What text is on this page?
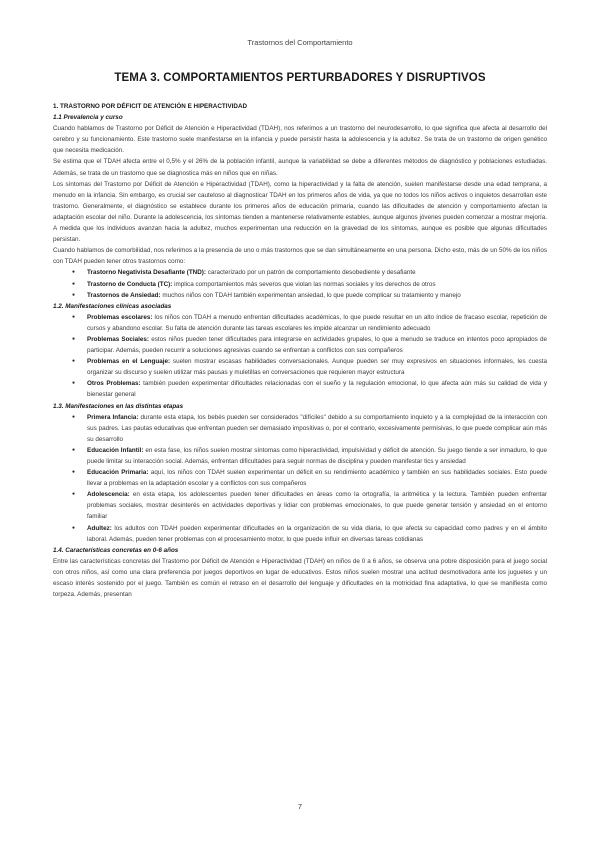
Trastornos del Comportamiento
TEMA 3. COMPORTAMIENTOS PERTURBADORES Y DISRUPTIVOS

1. TRASTORNO POR DÉFICIT DE ATENCIÓN E HIPERACTIVIDAD

1.1 Prevalencia y curso

Cuando hablamos de Trastorno por Déficit de Atención e Hiperactividad (TDAH), nos referimos a un trastorno del neurodesarrollo, lo que significa que afecta al desarrollo del cerebro y su funcionamiento. Este trastorno suele manifestarse en la infancia y puede persistir hasta la adolescencia y la adultez. Se trata de un trastorno de origen genético que necesita medicación.

Se estima que el TDAH afecta entre el 0,5% y el 26% de la población infantil, aunque la variabilidad se debe a diferentes métodos de diagnóstico y poblaciones estudiadas. Además, se trata de un trastorno que se diagnostica más en niños que en niñas.

Los síntomas del Trastorno por Déficit de Atención e Hiperactividad (TDAH), como la hiperactividad y la falta de atención, suelen manifestarse desde una edad temprana, a menudo en la infancia. Sin embargo, es crucial ser cauteloso al diagnosticar TDAH en los primeros años de vida, ya que no todos los niños activos o inquietos desarrollan este trastorno. Generalmente, el diagnóstico se establece durante los primeros años de educación primaria, cuando las dificultades de atención y comportamiento afectan la adaptación escolar del niño. Durante la adolescencia, los síntomas tienden a mantenerse relativamente estables, aunque algunos jóvenes pueden comenzar a mostrar mejoría. A medida que los individuos avanzan hacia la adultez, muchos experimentan una reducción en la gravedad de los síntomas, aunque es posible que algunas dificultades persistan.

Cuando hablamos de comorbilidad, nos referimos a la presencia de uno o más trastornos que se dan simultáneamente en una persona. Dicho esto, más de un 50% de los niños con TDAH pueden tener otros trastornos como:

● Trastorno Negativista Desafiante (TND): caracterizado por un patrón de comportamiento desobediente y desafiante
● Trastorno de Conducta (TC): implica comportamientos más severos que violan las normas sociales y los derechos de otros
● Trastornos de Ansiedad: muchos niños con TDAH también experimentan ansiedad, lo que puede complicar su tratamiento y manejo

1.2. Manifestaciones clínicas asociadas

● Problemas escolares: los niños con TDAH a menudo enfrentan dificultades académicas, lo que puede resultar en un alto índice de fracaso escolar, repetición de cursos y abandono escolar. Su falta de atención durante las tareas escolares les impide alcanzar un rendimiento adecuado
● Problemas Sociales: estos niños pueden tener dificultades para integrarse en actividades grupales, lo que a menudo se traduce en intentos poco apropiados de participar. Además, pueden recurrir a soluciones agresivas cuando se enfrentan a conflictos con sus compañeros
● Problemas en el Lenguaje: suelen mostrar escasas habilidades conversacionales. Aunque pueden ser muy expresivos en situaciones informales, les cuesta organizar su discurso y suelen utilizar más pausas y muletillas en conversaciones que requieren mayor estructura
● Otros Problemas: también pueden experimentar dificultades relacionadas con el sueño y la regulación emocional, lo que afecta aún más su calidad de vida y bienestar general

1.3. Manifestaciones en las distintas etapas

● Primera Infancia: durante esta etapa, los bebés pueden ser considerados "difíciles" debido a su comportamiento inquieto y a la complejidad de la interacción con sus padres. Las pautas educativas que enfrentan pueden ser demasiado impositivas o, por el contrario, excesivamente permisivas, lo que puede complicar aún más su desarrollo
● Educación Infantil: en esta fase, los niños suelen mostrar síntomas como hiperactividad, impulsividad y déficit de atención. Su juego tiende a ser inmaduro, lo que puede limitar su interacción social. Además, enfrentan dificultades para seguir normas de disciplina y pueden manifestar tics y ansiedad
● Educación Primaria: aquí, los niños con TDAH suelen experimentar un déficit en su rendimiento académico y también en sus habilidades sociales. Esto puede llevar a problemas en la adaptación escolar y a conflictos con sus compañeros
● Adolescencia: en esta etapa, los adolescentes pueden tener dificultades en áreas como la ortografía, la aritmética y la lectura. También pueden enfrentar problemas sociales, mostrar desinterés en actividades deportivas y lidiar con problemas emocionales, lo que puede generar tensión y ansiedad en el entorno familiar
● Adultez: los adultos con TDAH pueden experimentar dificultades en la organización de su vida diaria, lo que afecta su capacidad como padres y en el ámbito laboral. Además, pueden tener problemas con el procesamiento motor, lo que puede influir en diversas tareas cotidianas

1.4. Características concretas en 0-6 años

Entre las características concretas del Trastorno por Déficit de Atención e Hiperactividad (TDAH) en niños de 0 a 6 años, se observa una pobre disposición para el juego social con otros niños, así como una clara preferencia por juegos deportivos en lugar de educativos. Estos niños suelen mostrar una actitud desmotivadora ante los juguetes y un escaso interés sostenido por el juego. También es común el retraso en el desarrollo del lenguaje y dificultades en la motricidad fina adaptativa, lo que se manifiesta como torpeza. Además, presentan

7
